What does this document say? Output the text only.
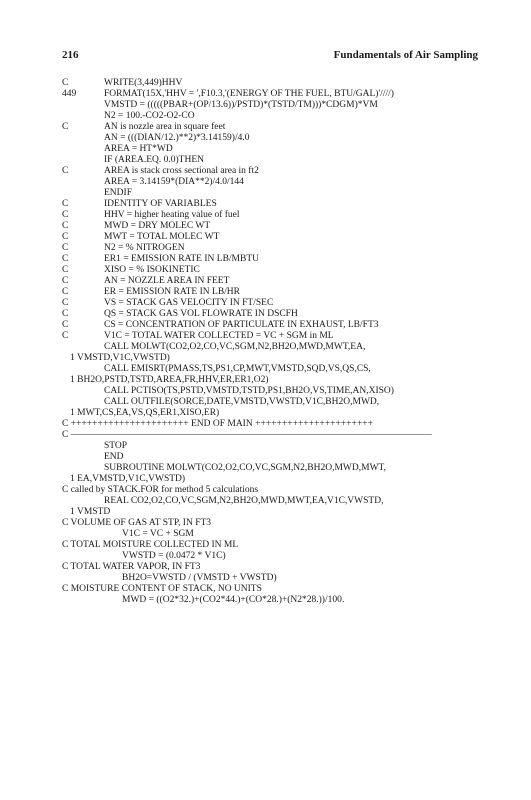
216	Fundamentals of Air Sampling
C	WRITE(3,449)HHV
449	FORMAT(15X,'HHV = ',F10.3,'(ENERGY OF THE FUEL, BTU/GAL)'////)
VMSTD = (((((PBAR+(OP/13.6))/PSTD)*(TSTD/TM)))*CDGM)*VM
N2 = 100.-CO2-O2-CO
C	AN is nozzle area in square feet
AN = (((DIAN/12.)**2)*3.14159)/4.0
AREA = HT*WD
IF (AREA.EQ. 0.0)THEN
C	AREA is stack cross sectional area in ft2
AREA = 3.14159*(DIA**2)/4.0/144
ENDIF
C	IDENTITY OF VARIABLES
C	HHV = higher heating value of fuel
C	MWD = DRY MOLEC WT
C	MWT = TOTAL MOLEC WT
C	N2 = % NITROGEN
C	ER1 = EMISSION RATE IN LB/MBTU
C	XISO = % ISOKINETIC
C	AN = NOZZLE AREA IN FEET
C	ER = EMISSION RATE IN LB/HR
C	VS = STACK GAS VELOCITY IN FT/SEC
C	QS = STACK GAS VOL FLOWRATE IN DSCFH
C	CS = CONCENTRATION OF PARTICULATE IN EXHAUST, LB/FT3
C	V1C = TOTAL WATER COLLECTED = VC + SGM in ML
CALL MOLWT(CO2,O2,CO,VC,SGM,N2,BH2O,MWD,MWT,EA,
1 VMSTD,V1C,VWSTD)
CALL EMISRT(PMASS,TS,PS1,CP,MWT,VMSTD,SQD,VS,QS,CS,
1 BH2O,PSTD,TSTD,AREA,FR,HHV,ER,ER1,O2)
CALL PCTISO(TS,PSTD,VMSTD,TSTD,PS1,BH2O,VS,TIME,AN,XISO)
CALL OUTFILE(SORCE,DATE,VMSTD,VWSTD,V1C,BH2O,MWD,
1 MWT,CS,EA,VS,QS,ER1,XISO,ER)
C ++++++++++++++++++++++ END OF MAIN ++++++++++++++++++++++
C ——————————————————————————————————————
STOP
END
SUBROUTINE MOLWT(CO2,O2,CO,VC,SGM,N2,BH2O,MWD,MWT,
1 EA,VMSTD,V1C,VWSTD)
C called by STACK.FOR for method 5 calculations
REAL CO2,O2,CO,VC,SGM,N2,BH2O,MWD,MWT,EA,V1C,VWSTD,
1 VMSTD
C VOLUME OF GAS AT STP, IN FT3
V1C = VC + SGM
C TOTAL MOISTURE COLLECTED IN ML
VWSTD = (0.0472 * V1C)
C TOTAL WATER VAPOR, IN FT3
BH2O=VWSTD / (VMSTD + VWSTD)
C MOISTURE CONTENT OF STACK, NO UNITS
MWD = ((O2*32.)+(CO2*44.)+(CO*28.)+(N2*28.))/100.
